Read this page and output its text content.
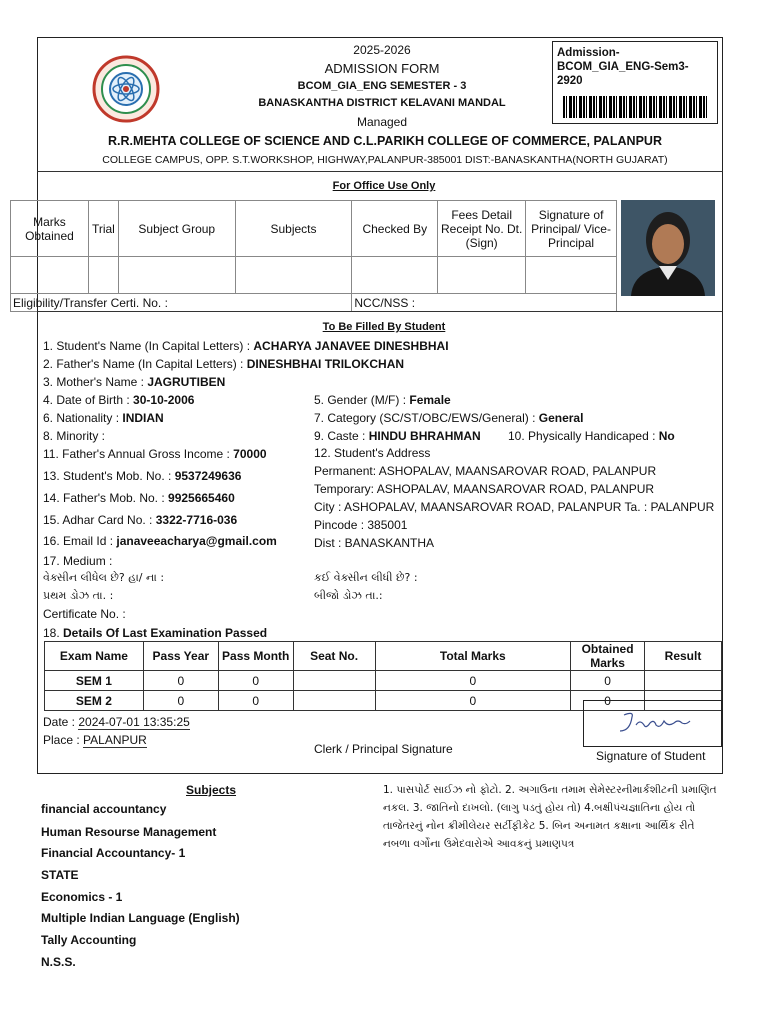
2025-2026
ADMISSION FORM
BCOM_GIA_ENG SEMESTER - 3
BANASKANTHA DISTRICT KELAVANI MANDAL
Managed
R.R.MEHTA COLLEGE OF SCIENCE AND C.L.PARIKH COLLEGE OF COMMERCE, PALANPUR
COLLEGE CAMPUS, OPP. S.T.WORKSHOP, HIGHWAY,PALANPUR-385001 DIST:-BANASKANTHA(NORTH GUJARAT)
Admission-BCOM_GIA_ENG-Sem3-2920
For Office Use Only
Marks Obtained	Trial	Subject Group	Subjects	Checked By	Fees Detail Receipt No. Dt.(Sign)	Signature of Principal/ Vice-Principal

Eligibility/Transfer Certi. No. :				NCC/NSS :		
To Be Filled By Student
1. Student's Name (In Capital Letters) : ACHARYA JANAVEE DINESHBHAI
2. Father's Name (In Capital Letters) : DINESHBHAI TRILOKCHAN
3. Mother's Name : JAGRUTIBEN
4. Date of Birth : 30-10-2006	5. Gender (M/F) : Female
6. Nationality : INDIAN	7. Category (SC/ST/OBC/EWS/General) : General
8. Minority :	9. Caste : HINDU BHRAHMAN 10. Physically Handicaped : No
11. Father's Annual Gross Income : 70000	12. Student's Address
13. Student's Mob. No. : 9537249636	Permanent: ASHOPALAV, MAANSAROVAR ROAD, PALANPUR
Temporary: ASHOPALAV, MAANSAROVAR ROAD, PALANPUR
14. Father's Mob. No. : 9925665460
City : ASHOPALAV, MAANSAROVAR ROAD, PALANPUR Ta. : PALANPUR
15. Adhar Card No. : 3322-7716-036	Pincode : 385001
16. Email Id : janaveeacharya@gmail.com	Dist : BANASKANTHA
17. Medium :
વેક્સીન લીધેલ છે? હા/ ના :	કઈ વેક્સીન લીધી છે? :
પ્રથમ ડોઝ તા. :	બીજો ડોઝ તા.:
Certificate No. :
18. Details Of Last Examination Passed
Exam Name	Pass Year	Pass Month	Seat No.	Total Marks	Obtained Marks	Result
SEM 1	0	0		0	0	
SEM 2	0	0		0	0	
Date : 2024-07-01 13:35:25
Place : PALANPUR
Clerk / Principal Signature	Signature of Student
Subjects
financial accountancy
Human Resourse Management
Financial Accountancy- 1
STATE
Economics - 1
Multiple Indian Language (English)
Tally Accounting
N.S.S.
1. પાસપોર્ટ સાઈઝ નો ફોટો. 2. અગાઉના તમામ સેમેસ્ટરનીમાર્કશીટની પ્રમાણિત નકલ. 3. જાતિનો દાખલો. (લાગુ પડતું હોય તો) 4.બક્ષીપંચજ્ઞાતિના હોય તો તાજેતરનું નોન ક્રીમીલેયર સર્ટીફીકેટ 5. બિન અનામત કક્ષાના આર્થિક રીતે નબળા વર્ગોના ઉમેદવારોએ આવકનું પ્રમાણપત્ર
